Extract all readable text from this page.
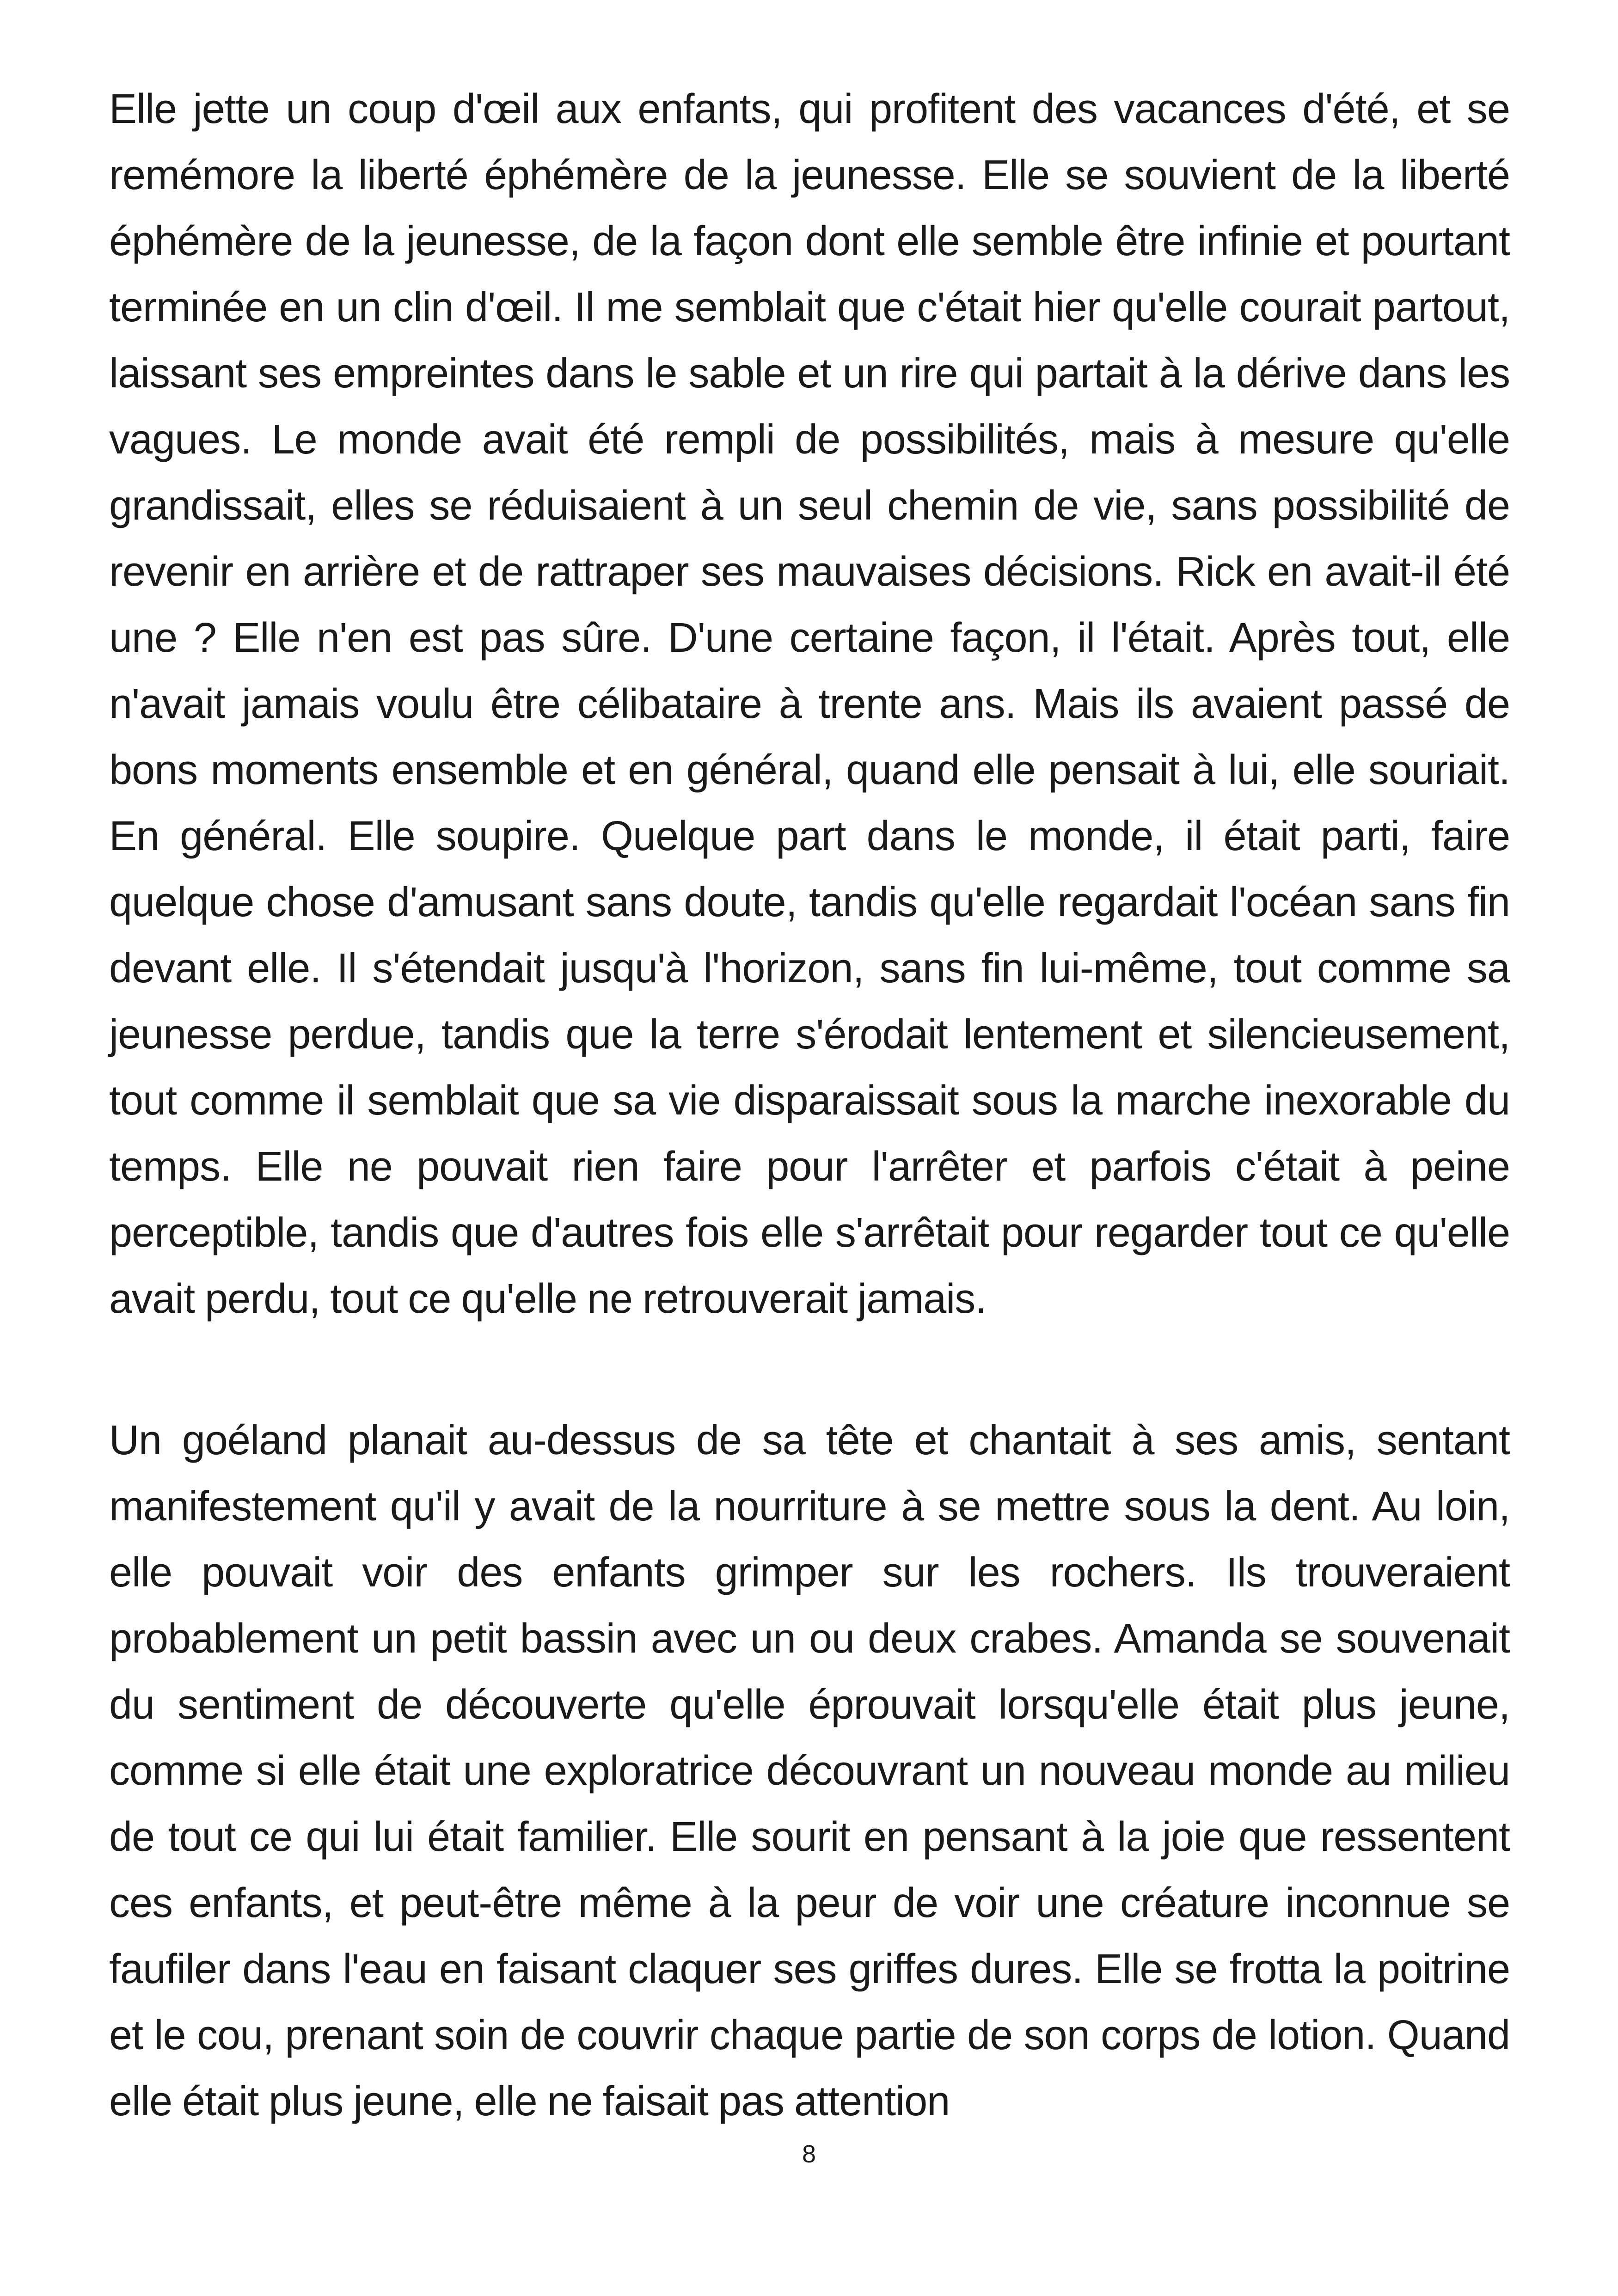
Elle jette un coup d'œil aux enfants, qui profitent des vacances d'été, et se remémore la liberté éphémère de la jeunesse. Elle se souvient de la liberté éphémère de la jeunesse, de la façon dont elle semble être infinie et pourtant terminée en un clin d'œil. Il me semblait que c'était hier qu'elle courait partout, laissant ses empreintes dans le sable et un rire qui partait à la dérive dans les vagues. Le monde avait été rempli de possibilités, mais à mesure qu'elle grandissait, elles se réduisaient à un seul chemin de vie, sans possibilité de revenir en arrière et de rattraper ses mauvaises décisions. Rick en avait-il été une ? Elle n'en est pas sûre. D'une certaine façon, il l'était. Après tout, elle n'avait jamais voulu être célibataire à trente ans. Mais ils avaient passé de bons moments ensemble et en général, quand elle pensait à lui, elle souriait. En général. Elle soupire. Quelque part dans le monde, il était parti, faire quelque chose d'amusant sans doute, tandis qu'elle regardait l'océan sans fin devant elle. Il s'étendait jusqu'à l'horizon, sans fin lui-même, tout comme sa jeunesse perdue, tandis que la terre s'érodait lentement et silencieusement, tout comme il semblait que sa vie disparaissait sous la marche inexorable du temps. Elle ne pouvait rien faire pour l'arrêter et parfois c'était à peine perceptible, tandis que d'autres fois elle s'arrêtait pour regarder tout ce qu'elle avait perdu, tout ce qu'elle ne retrouverait jamais.

Un goéland planait au-dessus de sa tête et chantait à ses amis, sentant manifestement qu'il y avait de la nourriture à se mettre sous la dent. Au loin, elle pouvait voir des enfants grimper sur les rochers. Ils trouveraient probablement un petit bassin avec un ou deux crabes. Amanda se souvenait du sentiment de découverte qu'elle éprouvait lorsqu'elle était plus jeune, comme si elle était une exploratrice découvrant un nouveau monde au milieu de tout ce qui lui était familier. Elle sourit en pensant à la joie que ressentent ces enfants, et peut-être même à la peur de voir une créature inconnue se faufiler dans l'eau en faisant claquer ses griffes dures. Elle se frotta la poitrine et le cou, prenant soin de couvrir chaque partie de son corps de lotion. Quand elle était plus jeune, elle ne faisait pas attention

8
